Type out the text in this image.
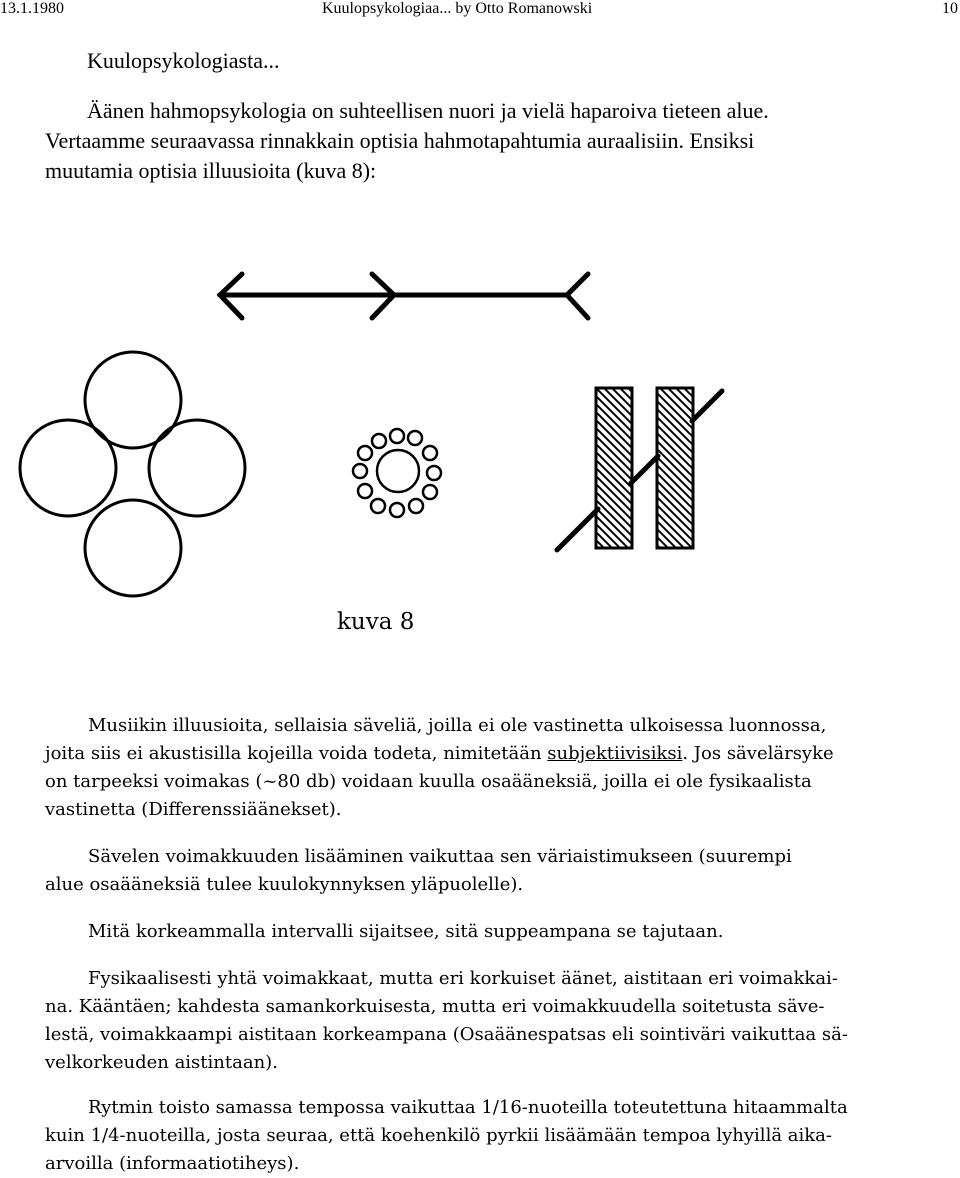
13.1.1980	Kuulopsykologiaa... by Otto Romanowski	10
Kuulopsykologiasta...
Äänen hahmopsykologia on suhteellisen nuori ja vielä haparoiva tieteen alue.
Vertaamme seuraavassa rinnakkain optisia hahmotapahtumia auraalisiin. Ensiksi
muutamia optisia illuusioita (kuva 8):
kuva 8
Musiikin illuusioita, sellaisia säveliä, joilla ei ole vastinetta ulkoisessa luonnossa,
joita siis ei akustisilla kojeilla voida todeta, nimitetään subjektiivisiksi. Jos sävelärsyke
on tarpeeksi voimakas (~80 db) voidaan kuulla osaääneksiä, joilla ei ole fysikaalista
vastinetta (Differenssiäänekset).
Sävelen voimakkuuden lisääminen vaikuttaa sen väriaistimukseen (suurempi
alue osaääneksiä tulee kuulokynnyksen yläpuolelle).
Mitä korkeammalla intervalli sijaitsee, sitä suppeampana se tajutaan.
Fysikaalisesti yhtä voimakkaat, mutta eri korkuiset äänet, aistitaan eri voimakkai-
na. Kääntäen; kahdesta samankorkuisesta, mutta eri voimakkuudella soitetusta säve-
lestä, voimakkaampi aistitaan korkeampana (Osaäänespatsas eli sointiväri vaikuttaa sä-
velkorkeuden aistintaan).
Rytmin toisto samassa tempossa vaikuttaa 1/16-nuoteilla toteutettuna hitaammalta
kuin 1/4-nuoteilla, josta seuraa, että koehenkilö pyrkii lisäämään tempoa lyhyillä aika-
arvoilla (informaatiotiheys).
